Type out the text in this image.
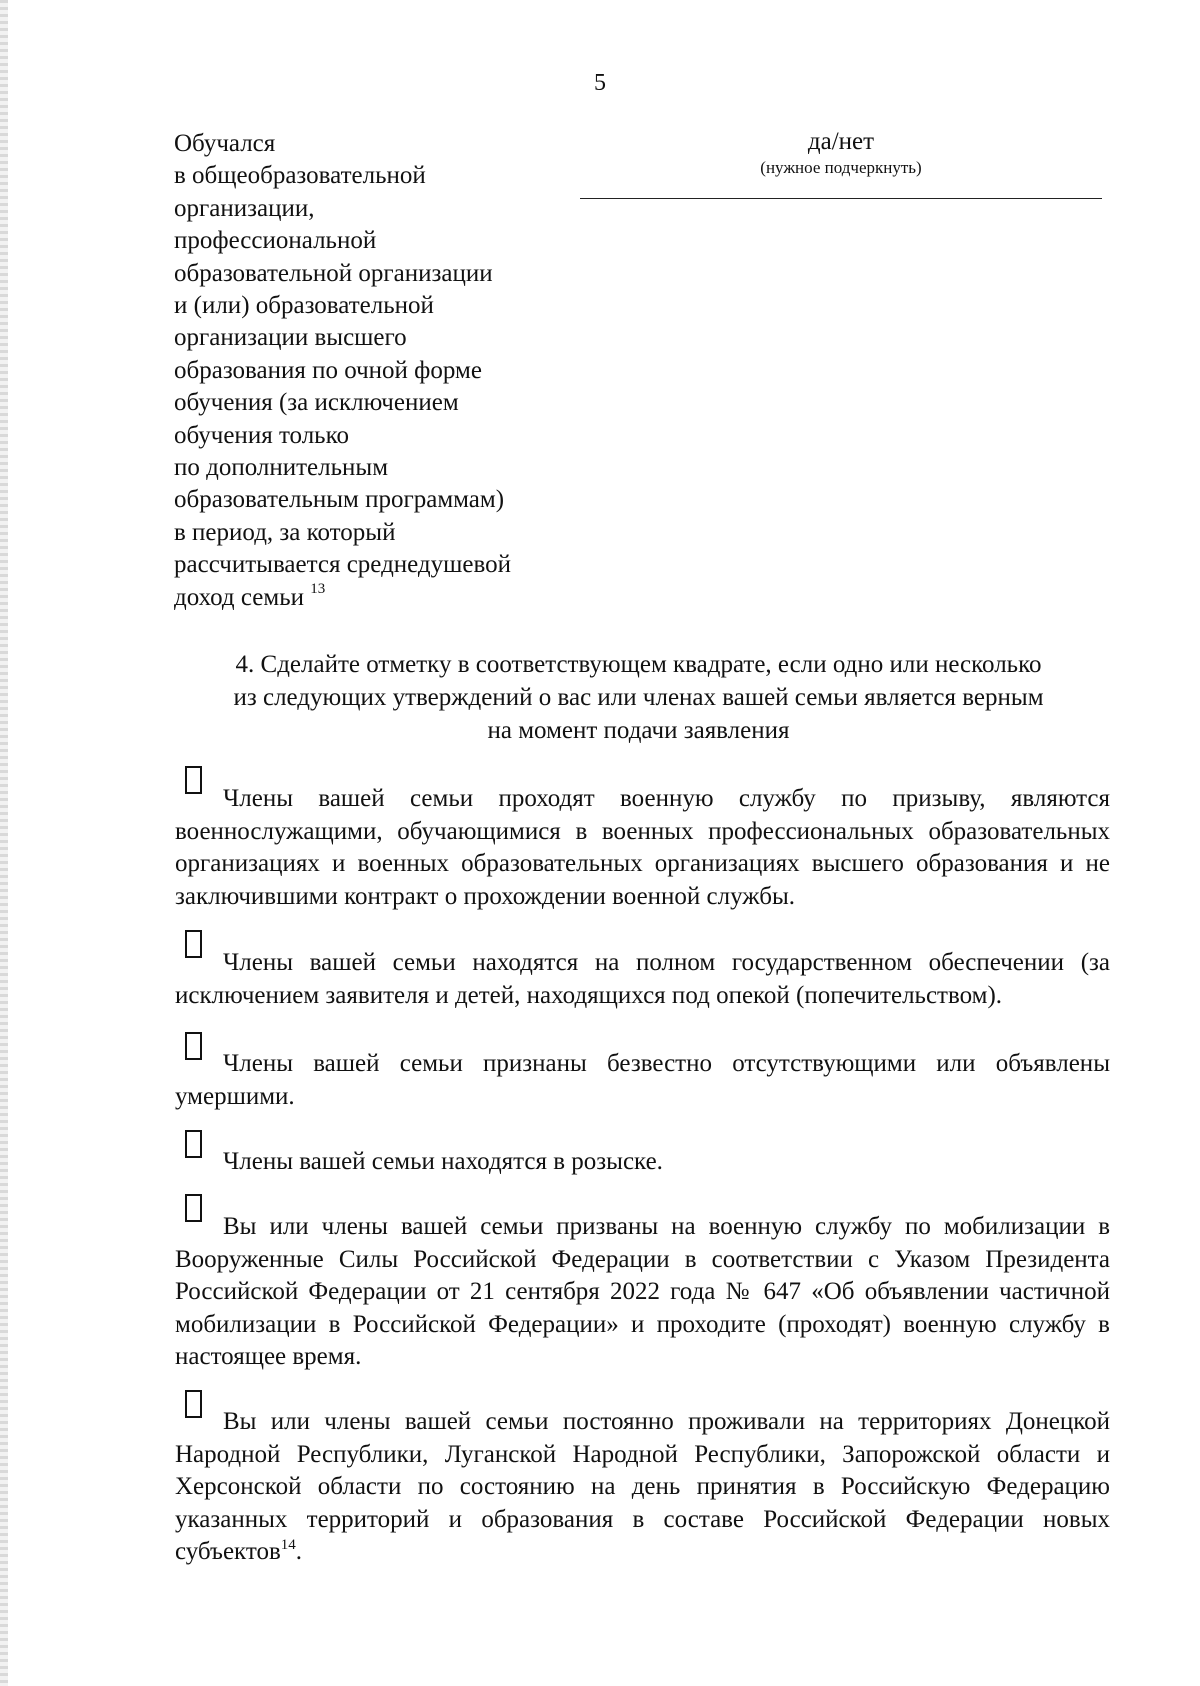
5
Обучался
в общеобразовательной
организации,
профессиональной
образовательной организации
и (или) образовательной
организации высшего
образования по очной форме
обучения (за исключением
обучения только
по дополнительным
образовательным программам)
в период, за который
рассчитывается среднедушевой
доход семьи $^{13}$
да/нет
(нужное подчеркнуть)
4. Сделайте отметку в соответствующем квадрате, если одно или несколько
из следующих утверждений о вас или членах вашей семьи является верным
на момент подачи заявления
Члены вашей семьи проходят военную службу по призыву, являются военнослужащими, обучающимися в военных профессиональных образовательных организациях и военных образовательных организациях высшего образования и не заключившими контракт о прохождении военной службы.
Члены вашей семьи находятся на полном государственном обеспечении (за исключением заявителя и детей, находящихся под опекой (попечительством).
Члены вашей семьи признаны безвестно отсутствующими или объявлены умершими.
Члены вашей семьи находятся в розыске.
Вы или члены вашей семьи призваны на военную службу по мобилизации в Вооруженные Силы Российской Федерации в соответствии с Указом Президента Российской Федерации от 21 сентября 2022 года № 647 «Об объявлении частичной мобилизации в Российской Федерации» и проходите (проходят) военную службу в настоящее время.
Вы или члены вашей семьи постоянно проживали на территориях Донецкой Народной Республики, Луганской Народной Республики, Запорожской области и Херсонской области по состоянию на день принятия в Российскую Федерацию указанных территорий и образования в составе Российской Федерации новых субъектов$^{14}$.
